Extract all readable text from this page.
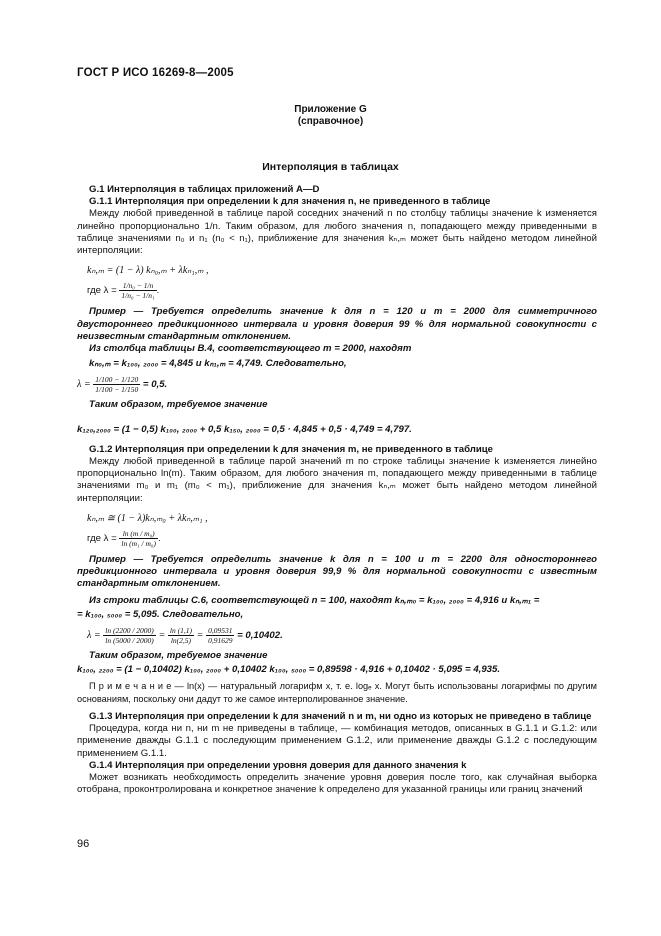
ГОСТ Р ИСО 16269-8—2005
Приложение G
(справочное)
Интерполяция в таблицах

G.1 Интерполяция в таблицах приложений А—D

G.1.1 Интерполяция при определении k для значения n, не приведенного в таблице

Между любой приведенной в таблице парой соседних значений n по столбцу таблицы значение k изменяется линейно пропорционально 1/n. Таким образом, для любого значения n, попадающего между приведенными в таблице значениями n₀ и n₁ (n₀ < n₁), приближение для значения kₙ,ₘ может быть найдено методом линейной интерполяции:

kₙ,ₘ = (1 − λ) kₙ₀,ₘ + λkₙ₁,ₘ ,

где $\lambda = \frac{\text{1/n₀ − 1/n}}{\text{1/n₀ − 1/n₁}}$ .

Пример — Требуется определить значение k для n = 120 и m = 2000 для симметричного двустороннего предикционного интервала и уровня доверия 99 % для нормальной совокупности с неизвестным стандартным отклонением.

Из столбца таблицы В.4, соответствующего m = 2000, находят

kₙ₀,ₘ = k₁₀₀, ₂₀₀₀ = 4,845 и kₙ₁,ₘ = 4,749. Следовательно,

$\lambda = \frac{1/100 - 1/120}{1/100 - 1/150} = 0,5$.

Таким образом, требуемое значение

k₁₂₀,₂₀₀₀ = (1 − 0,5) k₁₀₀, ₂₀₀₀ + 0,5 k₁₅₀, ₂₀₀₀ = 0,5 · 4,845 + 0,5 · 4,749 = 4,797.

G.1.2 Интерполяция при определении k для значения m, не приведенного в таблице

Между любой приведенной в таблице парой значений m по строке таблицы значение k изменяется линейно пропорционально ln(m). Таким образом, для любого значения m, попадающего между приведенными в таблице значениями m₀ и m₁ (m₀ < m₁), приближение для значения kₙ,ₘ может быть найдено методом линейной интерполяции:

kₙ,ₘ ≅ (1 − λ)kₙ,ₘ₀ + λkₙ,ₘ₁ ,

где $\lambda = \frac{\text{ln (m / m₀)}}{\text{ln (m₁ / m₀)}}$ .

Пример — Требуется определить значение k для n = 100 и m = 2200 для одностороннего предикционного интервала и уровня доверия 99,9 % для нормальной совокупности с известным стандартным отклонением.

Из строки таблицы С.6, соответствующей n = 100, находят kₙ,ₘ₀ = k₁₀₀, ₂₀₀₀ = 4,916 и kₙ,ₘ₁ =

= k₁₀₀, ₅₀₀₀ = 5,095. Следовательно,

$\lambda = \frac{\ln (2200 / 2000)}{\ln (5000 / 2000)} = \frac{\ln (1,1)}{\ln(2,5)} = \frac{0,09531}{0,91629} = 0,10402$.

Таким образом, требуемое значение

k₁₀₀, ₂₂₀₀ = (1 − 0,10402) k₁₀₀, ₂₀₀₀ + 0,10402 k₁₀₀, ₅₀₀₀ = 0,89598 · 4,916 + 0,10402 · 5,095 = 4,935.

П р и м е ч а н и е — ln(x) — натуральный логарифм x, т. е. logₑ x. Могут быть использованы логарифмы по другим основаниям, поскольку они дадут то же самое интерполированное значение.

G.1.3 Интерполяция при определении k для значений n и m, ни одно из которых не приведено в таблице

Процедура, когда ни n, ни m не приведены в таблице, — комбинация методов, описанных в G.1.1 и G.1.2: или применение дважды G.1.1 с последующим применением G.1.2, или применение дважды G.1.2 с последующим применением G.1.1.

G.1.4 Интерполяция при определении уровня доверия для данного значения k

Может возникать необходимость определить значение уровня доверия после того, как случайная выборка отобрана, проконтролирована и конкретное значение k определено для указанной границы или границ значений

96
